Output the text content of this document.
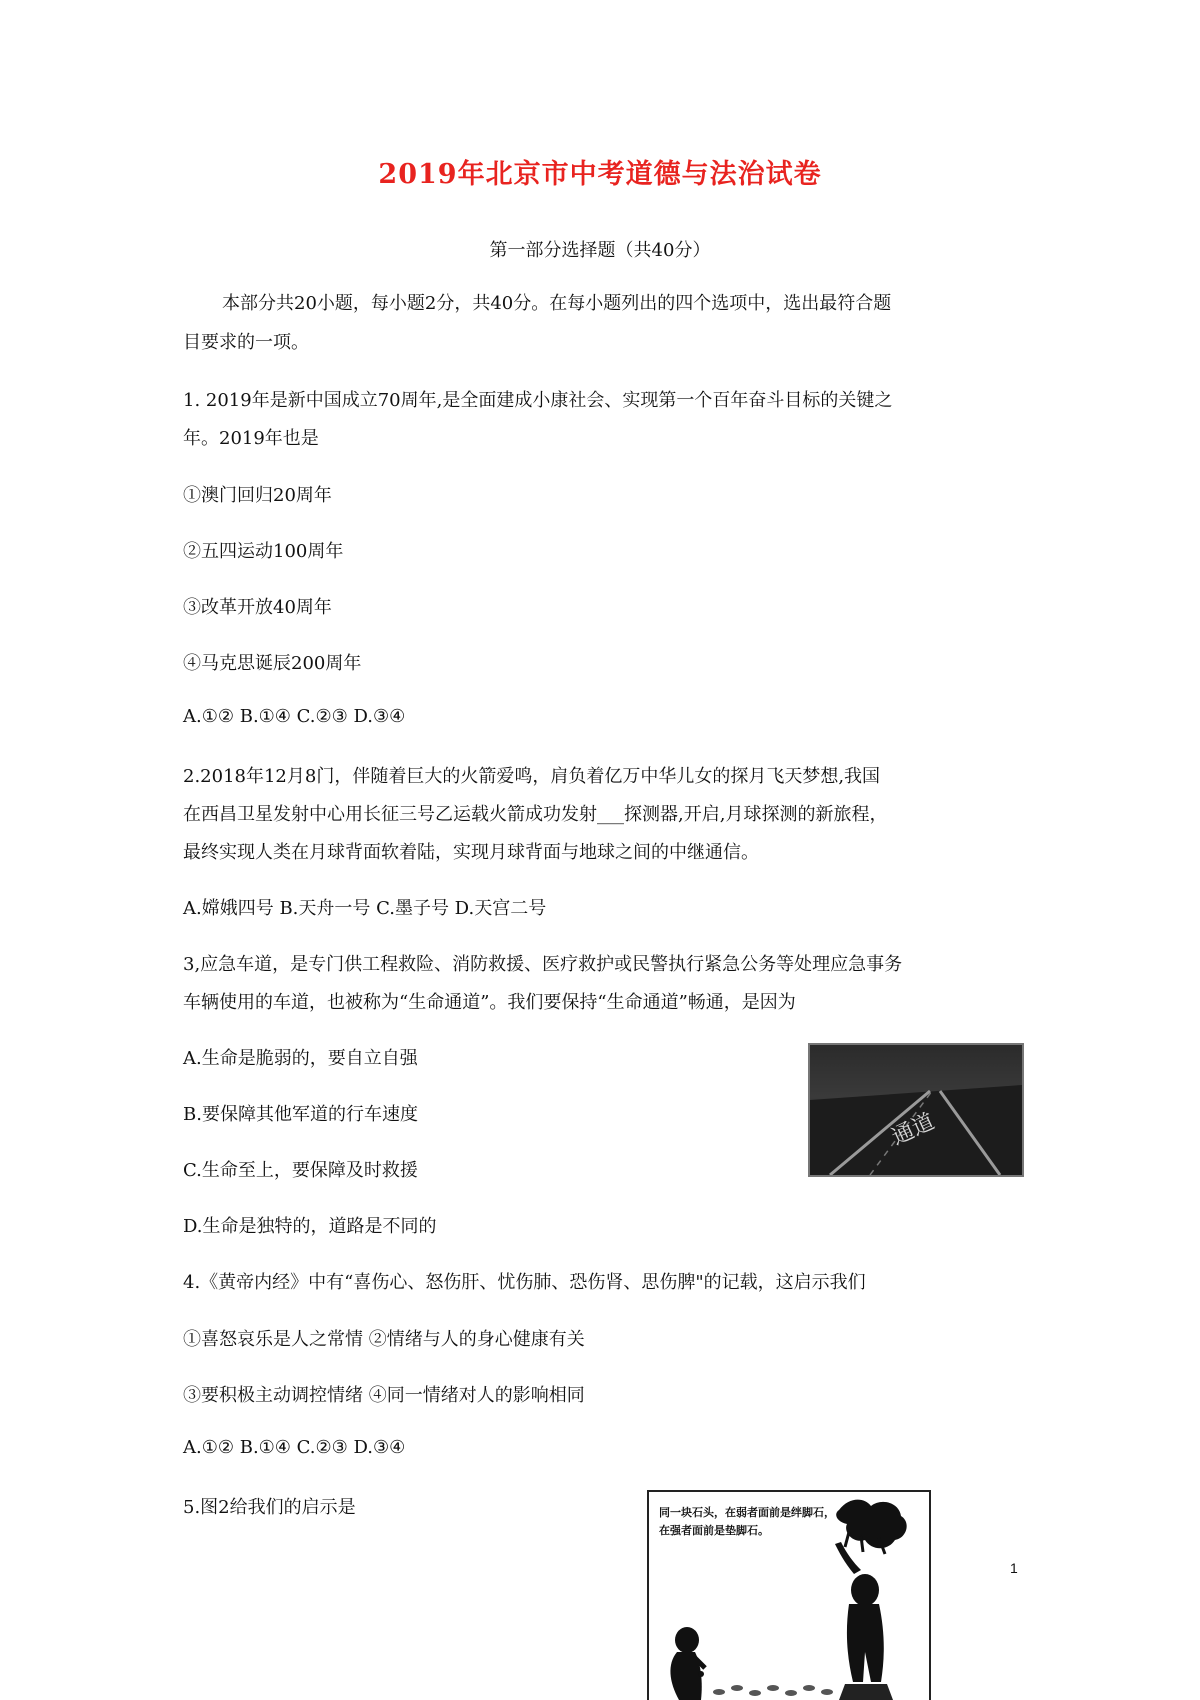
2019年北京市中考道德与法治试卷
第一部分选择题（共40分）
本部分共20小题，每小题2分，共40分。在每小题列出的四个选项中，选出最符合题
目要求的一项。
1. 2019年是新中国成立70周年,是全面建成小康社会、实现第一个百年奋斗目标的关键之
年。2019年也是
①澳门回归20周年
②五四运动100周年
③改革开放40周年
④马克思诞辰200周年
A.①② B.①④ C.②③ D.③④
2.2018年12月8门，伴随着巨大的火箭爱鸣，肩负着亿万中华儿女的探月飞天梦想,我国
在西昌卫星发射中心用长征三号乙运载火箭成功发射___探测器,开启,月球探测的新旅程，
最终实现人类在月球背面软着陆，实现月球背面与地球之间的中继通信。
A.嫦娥四号 B.天舟一号 C.墨子号 D.天宫二号
3,应急车道，是专门供工程救险、消防救援、医疗救护或民警执行紧急公务等处理应急事务
车辆使用的车道，也被称为“生命通道”。我们要保持“生命通道”畅通，是因为
A.生命是脆弱的，要自立自强
B.要保障其他军道的行车速度
C.生命至上，要保障及时救援
D.生命是独特的，道路是不同的
通道
4.《黄帝内经》中有“喜伤心、怒伤肝、忧伤肺、恐伤肾、思伤脾"的记载，这启示我们
①喜怒哀乐是人之常情 ②情绪与人的身心健康有关
③要积极主动调控情绪 ④同一情绪对人的影响相同
A.①② B.①④ C.②③ D.③④
5.图2给我们的启示是	同一块石头，在弱者面前是绊脚石，在强者面前是垫脚石。
1
